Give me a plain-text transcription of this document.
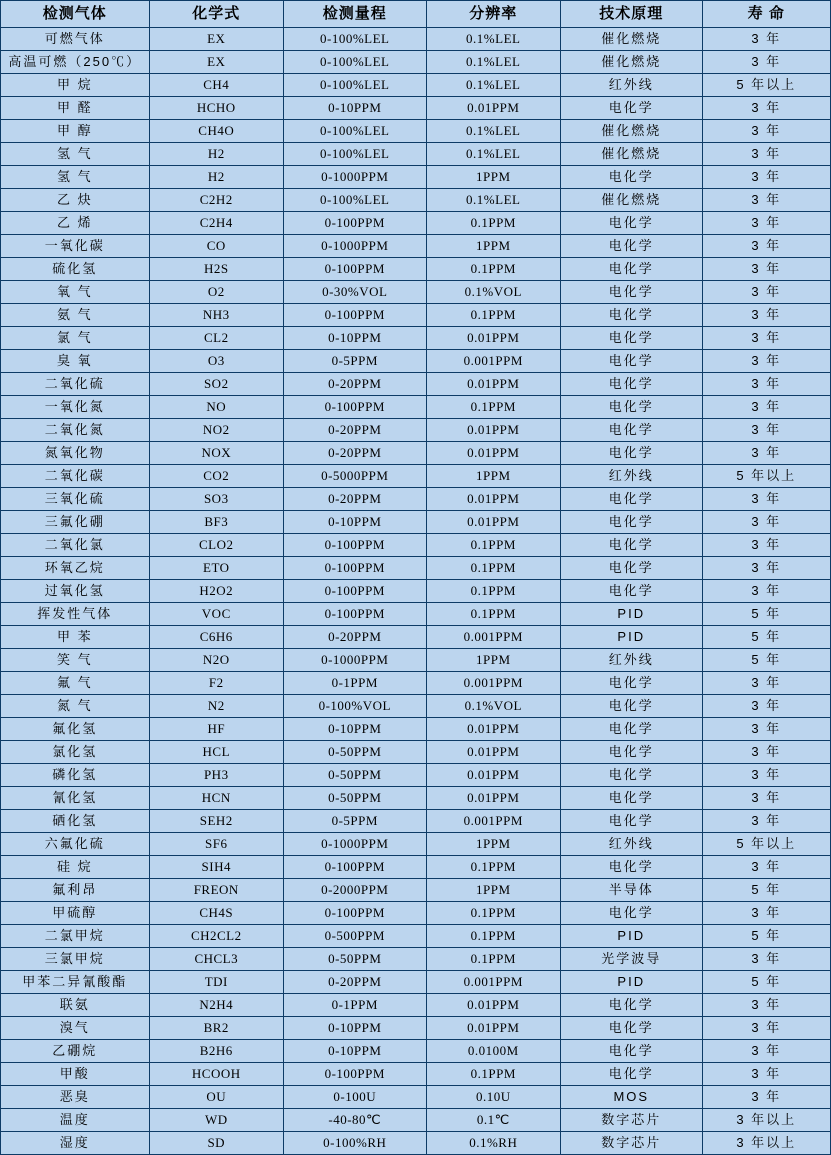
检测气体	化学式	检测量程	分辨率	技术原理	寿 命
可燃气体	EX	0-100%LEL	0.1%LEL	催化燃烧	3 年
高温可燃（250℃）	EX	0-100%LEL	0.1%LEL	催化燃烧	3 年
甲 烷	CH4	0-100%LEL	0.1%LEL	红外线	5 年以上
甲 醛	HCHO	0-10PPM	0.01PPM	电化学	3 年
甲 醇	CH4O	0-100%LEL	0.1%LEL	催化燃烧	3 年
氢 气	H2	0-100%LEL	0.1%LEL	催化燃烧	3 年
氢 气	H2	0-1000PPM	1PPM	电化学	3 年
乙 炔	C2H2	0-100%LEL	0.1%LEL	催化燃烧	3 年
乙 烯	C2H4	0-100PPM	0.1PPM	电化学	3 年
一氧化碳	CO	0-1000PPM	1PPM	电化学	3 年
硫化氢	H2S	0-100PPM	0.1PPM	电化学	3 年
氧 气	O2	0-30%VOL	0.1%VOL	电化学	3 年
氨 气	NH3	0-100PPM	0.1PPM	电化学	3 年
氯 气	CL2	0-10PPM	0.01PPM	电化学	3 年
臭 氧	O3	0-5PPM	0.001PPM	电化学	3 年
二氧化硫	SO2	0-20PPM	0.01PPM	电化学	3 年
一氧化氮	NO	0-100PPM	0.1PPM	电化学	3 年
二氧化氮	NO2	0-20PPM	0.01PPM	电化学	3 年
氮氧化物	NOX	0-20PPM	0.01PPM	电化学	3 年
二氧化碳	CO2	0-5000PPM	1PPM	红外线	5 年以上
三氧化硫	SO3	0-20PPM	0.01PPM	电化学	3 年
三氟化硼	BF3	0-10PPM	0.01PPM	电化学	3 年
二氧化氯	CLO2	0-100PPM	0.1PPM	电化学	3 年
环氧乙烷	ETO	0-100PPM	0.1PPM	电化学	3 年
过氧化氢	H2O2	0-100PPM	0.1PPM	电化学	3 年
挥发性气体	VOC	0-100PPM	0.1PPM	PID	5 年
甲 苯	C6H6	0-20PPM	0.001PPM	PID	5 年
笑 气	N2O	0-1000PPM	1PPM	红外线	5 年
氟 气	F2	0-1PPM	0.001PPM	电化学	3 年
氮 气	N2	0-100%VOL	0.1%VOL	电化学	3 年
氟化氢	HF	0-10PPM	0.01PPM	电化学	3 年
氯化氢	HCL	0-50PPM	0.01PPM	电化学	3 年
磷化氢	PH3	0-50PPM	0.01PPM	电化学	3 年
氰化氢	HCN	0-50PPM	0.01PPM	电化学	3 年
硒化氢	SEH2	0-5PPM	0.001PPM	电化学	3 年
六氟化硫	SF6	0-1000PPM	1PPM	红外线	5 年以上
硅 烷	SIH4	0-100PPM	0.1PPM	电化学	3 年
氟利昂	FREON	0-2000PPM	1PPM	半导体	5 年
甲硫醇	CH4S	0-100PPM	0.1PPM	电化学	3 年
二氯甲烷	CH2CL2	0-500PPM	0.1PPM	PID	5 年
三氯甲烷	CHCL3	0-50PPM	0.1PPM	光学波导	3 年
甲苯二异氰酸酯	TDI	0-20PPM	0.001PPM	PID	5 年
联氨	N2H4	0-1PPM	0.01PPM	电化学	3 年
溴气	BR2	0-10PPM	0.01PPM	电化学	3 年
乙硼烷	B2H6	0-10PPM	0.0100M	电化学	3 年
甲酸	HCOOH	0-100PPM	0.1PPM	电化学	3 年
恶臭	OU	0-100U	0.10U	MOS	3 年
温度	WD	-40-80℃	0.1℃	数字芯片	3 年以上
湿度	SD	0-100%RH	0.1%RH	数字芯片	3 年以上
